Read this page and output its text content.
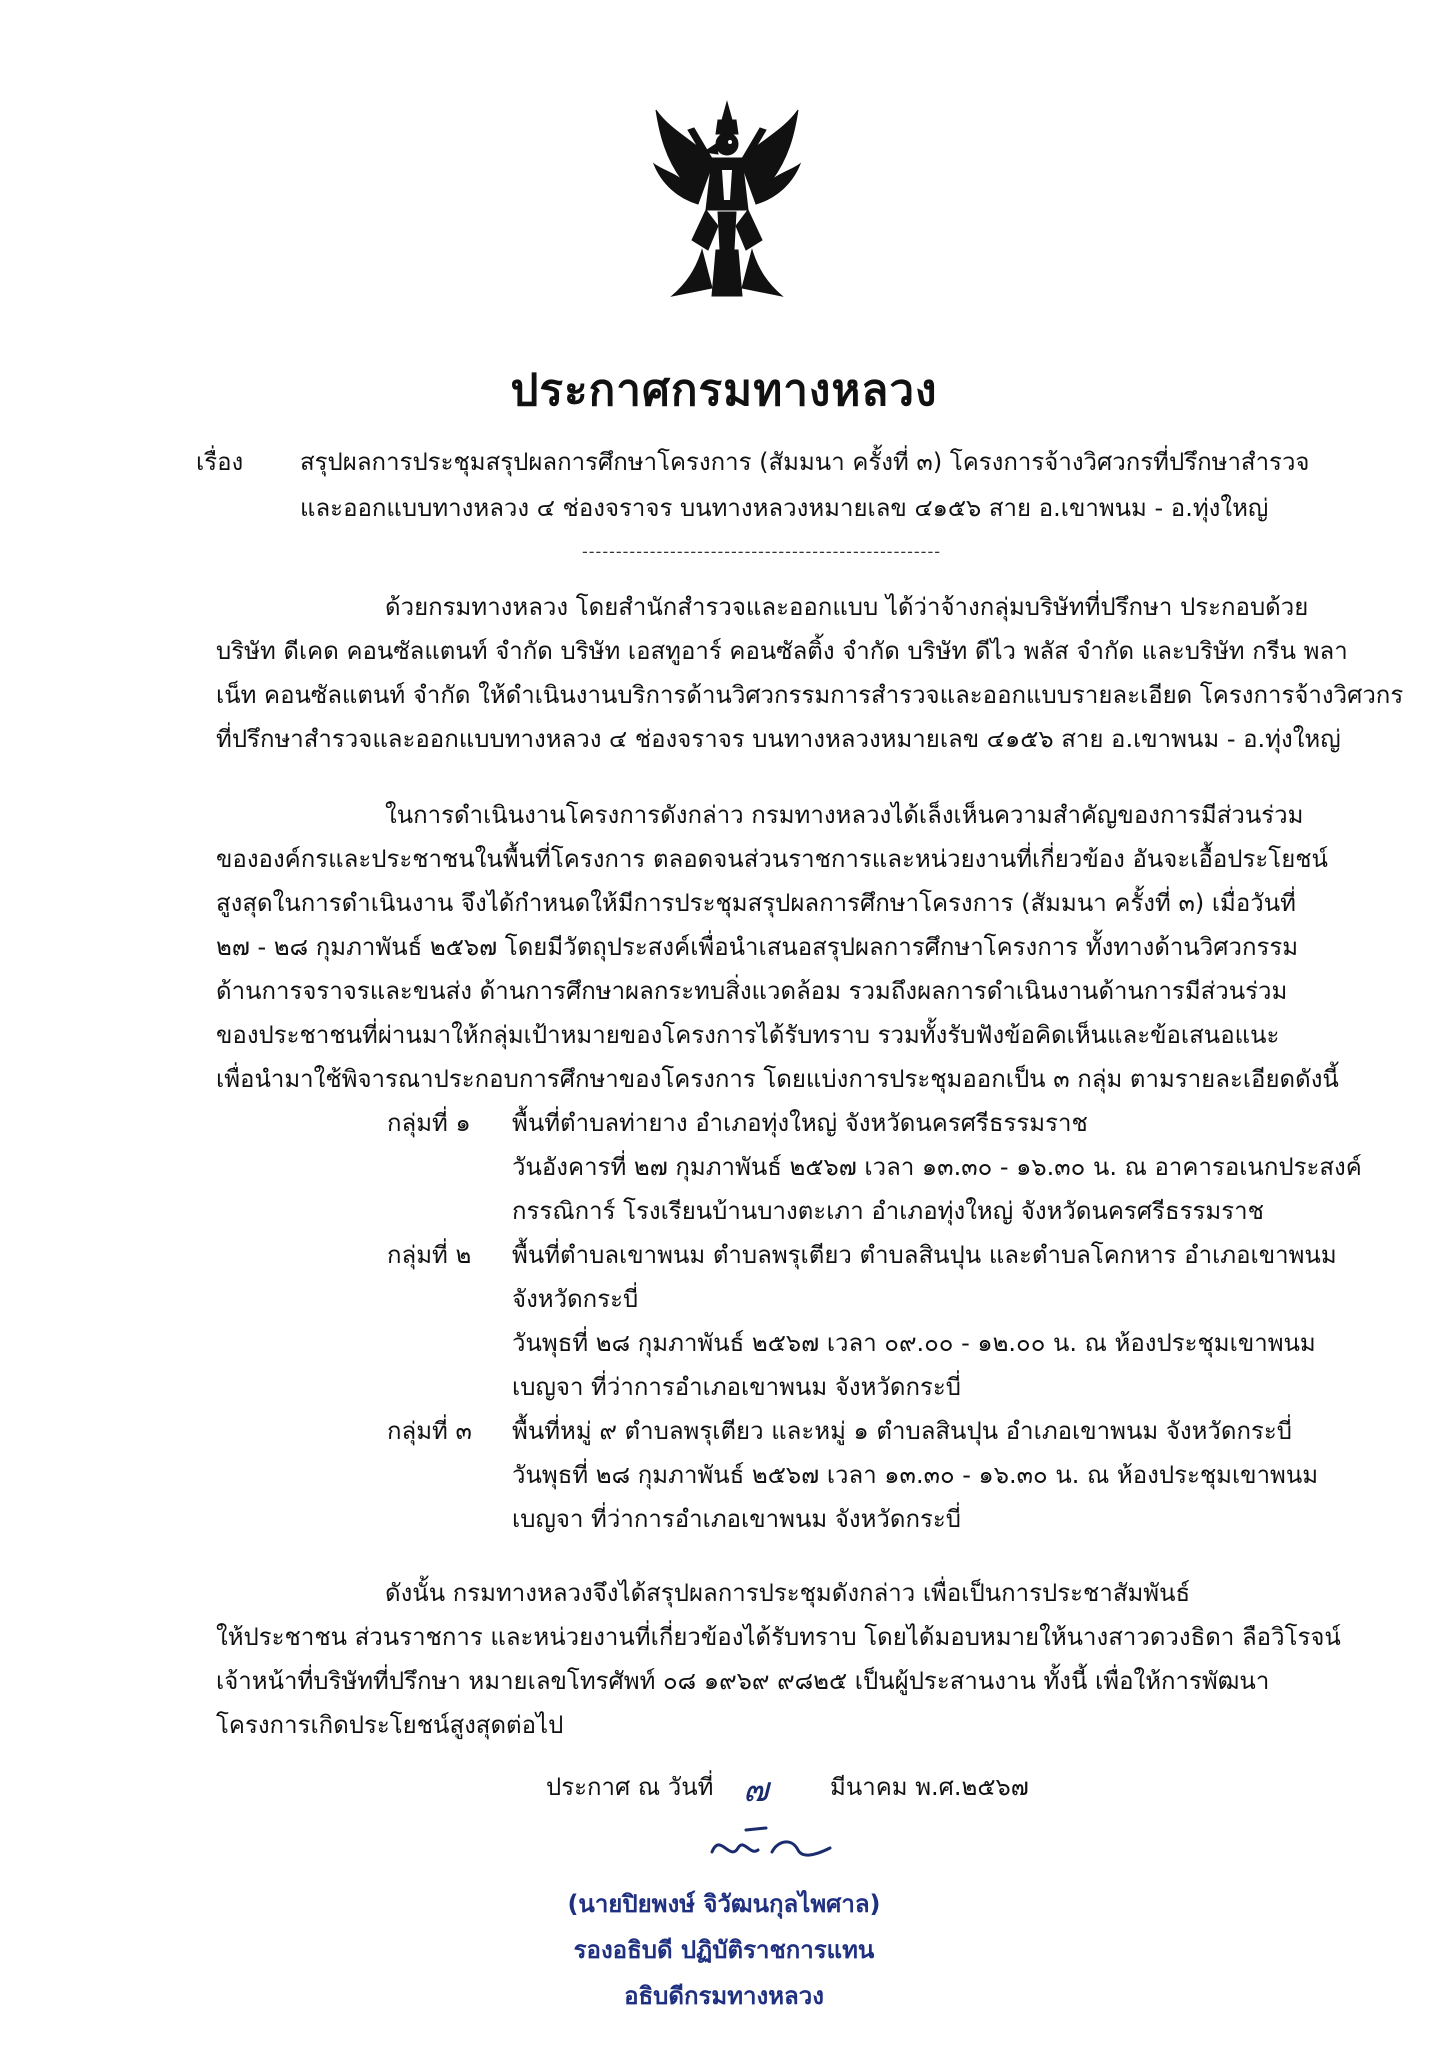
ประกาศกรมทางหลวง
เรื่อง สรุปผลการประชุมสรุปผลการศึกษาโครงการ (สัมมนา ครั้งที่ ๓) โครงการจ้างวิศวกรที่ปรึกษาสำรวจ
และออกแบบทางหลวง ๔ ช่องจราจร บนทางหลวงหมายเลข ๔๑๕๖ สาย อ.เขาพนม - อ.ทุ่งใหญ่
-----------------------------------------------------
ด้วยกรมทางหลวง โดยสำนักสำรวจและออกแบบ ได้ว่าจ้างกลุ่มบริษัทที่ปรึกษา ประกอบด้วย
บริษัท ดีเคด คอนซัลแตนท์ จำกัด บริษัท เอสทูอาร์ คอนซัลติ้ง จำกัด บริษัท ดีไว พลัส จำกัด และบริษัท กรีน พลา
เน็ท คอนซัลแตนท์ จำกัด ให้ดำเนินงานบริการด้านวิศวกรรมการสำรวจและออกแบบรายละเอียด โครงการจ้างวิศวกร
ที่ปรึกษาสำรวจและออกแบบทางหลวง ๔ ช่องจราจร บนทางหลวงหมายเลข ๔๑๕๖ สาย อ.เขาพนม - อ.ทุ่งใหญ่
ในการดำเนินงานโครงการดังกล่าว กรมทางหลวงได้เล็งเห็นความสำคัญของการมีส่วนร่วม
ขององค์กรและประชาชนในพื้นที่โครงการ ตลอดจนส่วนราชการและหน่วยงานที่เกี่ยวข้อง อันจะเอื้อประโยชน์
สูงสุดในการดำเนินงาน จึงได้กำหนดให้มีการประชุมสรุปผลการศึกษาโครงการ (สัมมนา ครั้งที่ ๓) เมื่อวันที่
๒๗ - ๒๘ กุมภาพันธ์ ๒๕๖๗ โดยมีวัตถุประสงค์เพื่อนำเสนอสรุปผลการศึกษาโครงการ ทั้งทางด้านวิศวกรรม
ด้านการจราจรและขนส่ง ด้านการศึกษาผลกระทบสิ่งแวดล้อม รวมถึงผลการดำเนินงานด้านการมีส่วนร่วม
ของประชาชนที่ผ่านมาให้กลุ่มเป้าหมายของโครงการได้รับทราบ รวมทั้งรับฟังข้อคิดเห็นและข้อเสนอแนะ
เพื่อนำมาใช้พิจารณาประกอบการศึกษาของโครงการ โดยแบ่งการประชุมออกเป็น ๓ กลุ่ม ตามรายละเอียดดังนี้
กลุ่มที่ ๑ พื้นที่ตำบลท่ายาง อำเภอทุ่งใหญ่ จังหวัดนครศรีธรรมราช
วันอังคารที่ ๒๗ กุมภาพันธ์ ๒๕๖๗ เวลา ๑๓.๓๐ - ๑๖.๓๐ น. ณ อาคารอเนกประสงค์
กรรณิการ์ โรงเรียนบ้านบางตะเภา อำเภอทุ่งใหญ่ จังหวัดนครศรีธรรมราช
กลุ่มที่ ๒ พื้นที่ตำบลเขาพนม ตำบลพรุเตียว ตำบลสินปุน และตำบลโคกหาร อำเภอเขาพนม
จังหวัดกระบี่
วันพุธที่ ๒๘ กุมภาพันธ์ ๒๕๖๗ เวลา ๐๙.๐๐ - ๑๒.๐๐ น. ณ ห้องประชุมเขาพนม
เบญจา ที่ว่าการอำเภอเขาพนม จังหวัดกระบี่
กลุ่มที่ ๓ พื้นที่หมู่ ๙ ตำบลพรุเตียว และหมู่ ๑ ตำบลสินปุน อำเภอเขาพนม จังหวัดกระบี่
วันพุธที่ ๒๘ กุมภาพันธ์ ๒๕๖๗ เวลา ๑๓.๓๐ - ๑๖.๓๐ น. ณ ห้องประชุมเขาพนม
เบญจา ที่ว่าการอำเภอเขาพนม จังหวัดกระบี่
ดังนั้น กรมทางหลวงจึงได้สรุปผลการประชุมดังกล่าว เพื่อเป็นการประชาสัมพันธ์
ให้ประชาชน ส่วนราชการ และหน่วยงานที่เกี่ยวข้องได้รับทราบ โดยได้มอบหมายให้นางสาวดวงธิดา ลือวิโรจน์
เจ้าหน้าที่บริษัทที่ปรึกษา หมายเลขโทรศัพท์ ๐๘ ๑๙๖๙ ๙๘๒๕ เป็นผู้ประสานงาน ทั้งนี้ เพื่อให้การพัฒนา
โครงการเกิดประโยชน์สูงสุดต่อไป
ประกาศ ณ วันที่ ๗	มีนาคม พ.ศ.๒๕๖๗
(นายปิยพงษ์ จิวัฒนกุลไพศาล)
รองอธิบดี ปฏิบัติราชการแทน
อธิบดีกรมทางหลวง
